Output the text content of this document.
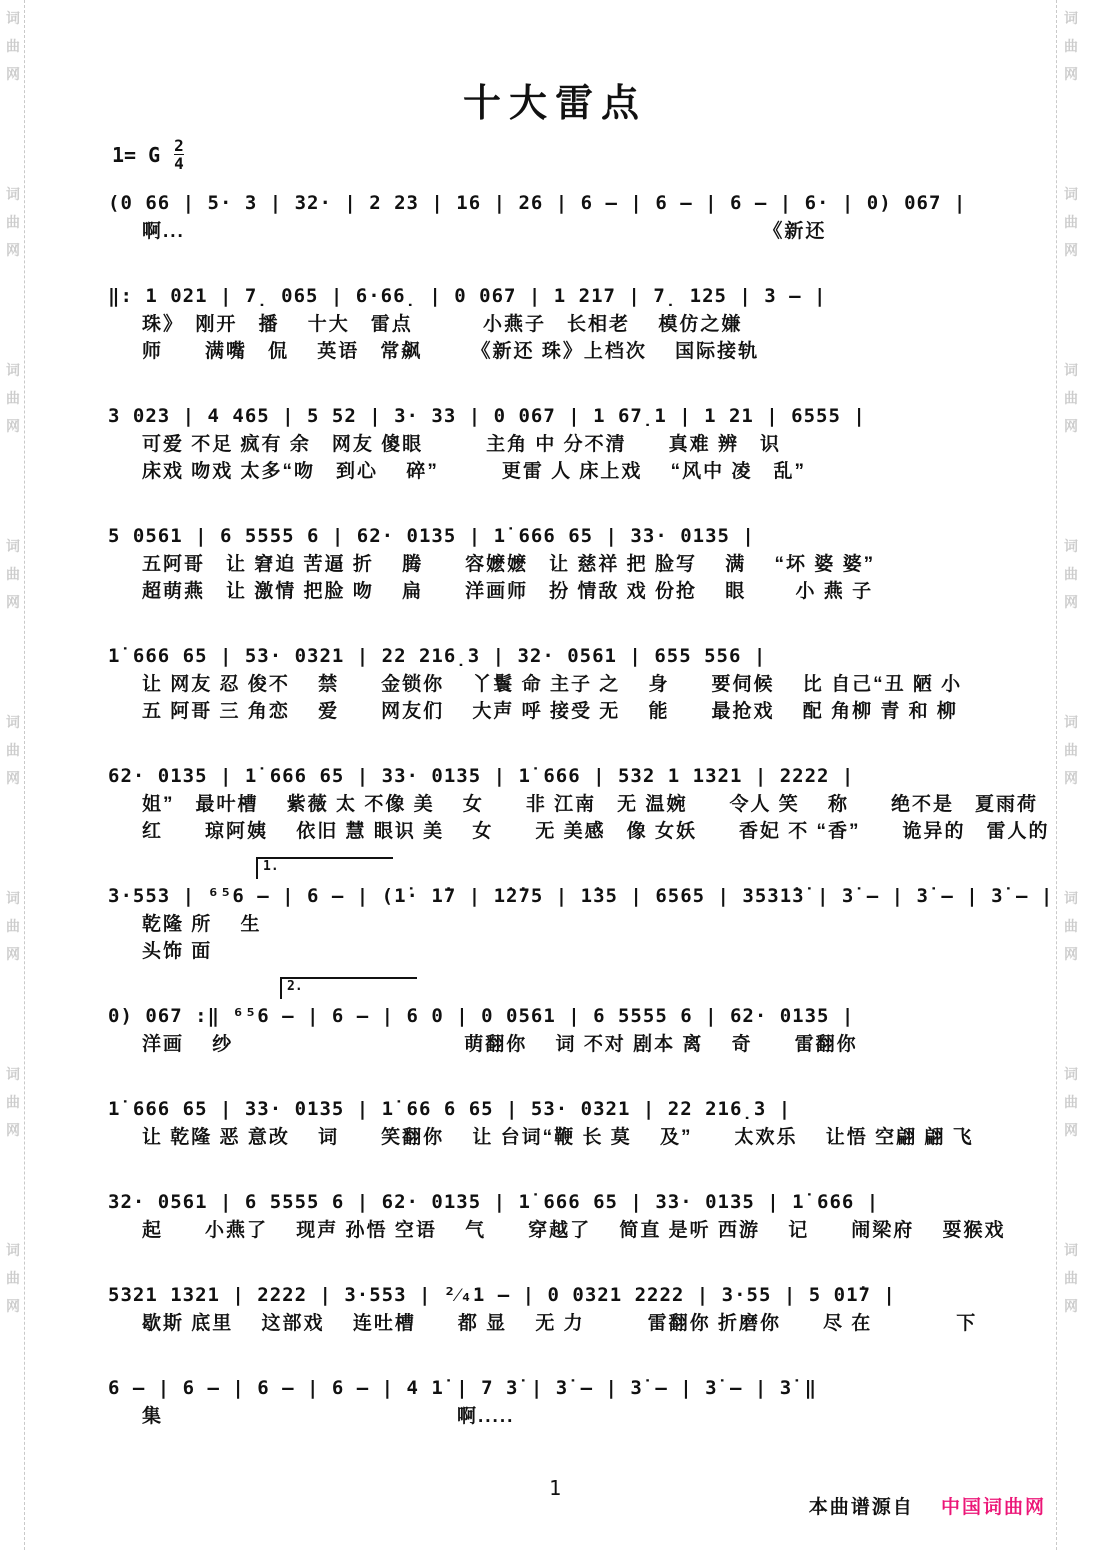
词曲网
词曲网
词曲网
词曲网
词曲网
词曲网
词曲网
词曲网
词曲网
词曲网
词曲网
词曲网
词曲网
词曲网
词曲网
词曲网
十大雷点
1= G $\frac{2}{4}$
(0 66 | 5· 3 | 32· | 2 23 | 16 | 26 | 6 – | 6 – | 6 – | 6· | 0) 067 |
啊...　　　　　　　　　　　　　　　　　　　　　　　　　　　　《新还
‖: 1 021 | 7̣ 065 | 6·66̣ | 0 067 | 1 217 | 7̣ 125 | 3 – |
珠》　刚开　播　 十大　雷点　　　 小燕子　长相老　 模仿之嫌
师　　满嘴　侃　 英语　常飙　　 《新还 珠》上档次　 国际接轨
3 023 | 4 465 | 5 52 | 3· 33 | 0 067 | 1 67̣1 | 1 21 | 6555 |
可爱 不足 疯有 余　网友 傻眼　　　主角 中 分不清　　真难 辨　识
床戏 吻戏 太多“吻　到心　 碎”　　　更雷 人 床上戏　 “风中 凌　乱”
5 0561 | 6 5555 6 | 62· 0135 | 1̇ 666 65 | 33· 0135 |
五阿哥　让 窘迫 苦逼 折　 腾　　容嬷嬷　让 慈祥 把 脸写　 满　 “坏 婆 婆”
超萌燕　让 激情 把脸 吻　 扁　　洋画师　扮 情敌 戏 份抢　 眼　　 小 燕 子
1̇ 666 65 | 53· 0321 | 22 216̣3 | 32· 0561 | 655 556 |
让 网友 忍 俊不　 禁　　金锁你　 丫鬟 命 主子 之　 身　　要伺候　 比 自己“丑 陋 小
五 阿哥 三 角恋　 爱　　网友们　 大声 呼 接受 无　 能　　最抢戏　 配 角柳 青 和 柳
62· 0135 | 1̇ 666 65 | 33· 0135 | 1̇ 666 | 532 1 1321 | 2222 |
姐”　最叶槽　 紫薇 太 不像 美　 女　　非 江南　无 温婉　　令人 笑　 称　　绝不是　夏雨荷
红　　琼阿姨　 依旧 慧 眼识 美　 女　　无 美感　像 女妖　　香妃 不 “香”　　诡异的　雷人的
1.
3·553 | ⁶⁵6 – | 6 – | (1̇· 1̇7 | 1̇2̇75 | 1̇35 | 6565 | 3531̇3̇ | 3̇ – | 3̇ – | 3̇ – |
乾隆 所　 生
头饰 面
2.
0) 067 :‖ ⁶⁵6 – | 6 – | 6 0 | 0 0561 | 6 5555 6 | 62· 0135 |
洋画　 纱　　　　　　　　　　　萌翻你　 词 不对 剧本 离　 奇　　雷翻你
1̇ 666 65 | 33· 0135 | 1̇ 66 6 65 | 53· 0321 | 22 216̣3 |
让 乾隆 恶 意改　 词　　笑翻你　 让 台词“鞭 长 莫　 及”　　太欢乐　 让悟 空翩 翩 飞
32· 0561 | 6 5555 6 | 62· 0135 | 1̇ 666 65 | 33· 0135 | 1̇ 666 |
起　　小燕了　 现声 孙悟 空语　 气　　穿越了　 简直 是听 西游　 记　　闹梁府　 耍猴戏
5321 1321 | 2222 | 3·553 | ²⁄₄1 – | 0 0321 2222 | 3·55 | 5 01̇7 |
歇斯 底里　 这部戏　 连吐槽　　都 显　 无 力　　　雷翻你 折磨你　　尽 在　　　　下
6 – | 6 – | 6 – | 6 – | 4 1̇ | 7 3̇ | 3̇ – | 3̇ – | 3̇ – | 3̇ ‖
集　　　　　　　　　　　　　　啊.....
1
本曲谱源自 中国词曲网
